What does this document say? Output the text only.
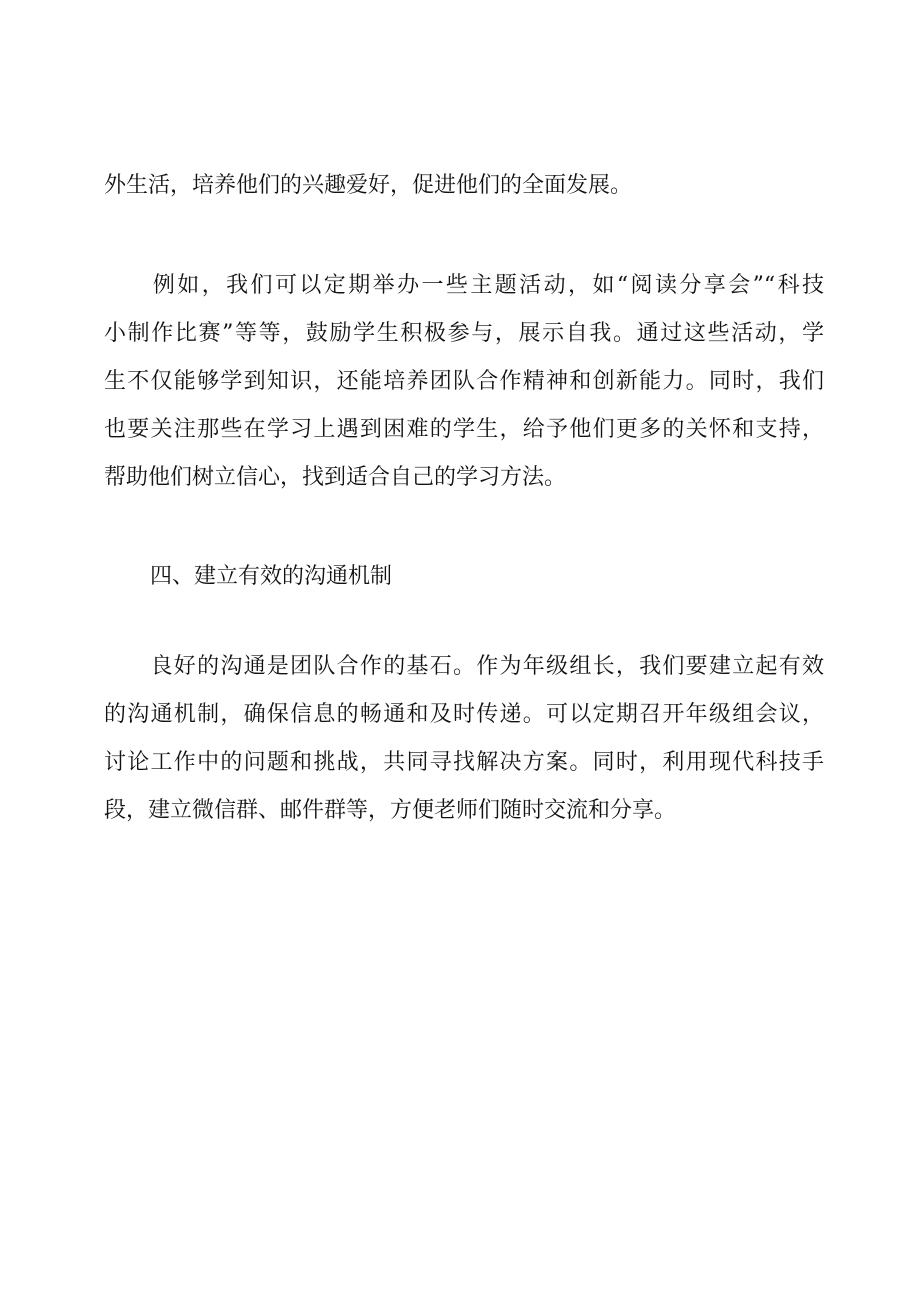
外生活，培养他们的兴趣爱好，促进他们的全面发展。
　　例如，我们可以定期举办一些主题活动，如“阅读分享会”“科技
小制作比赛”等等，鼓励学生积极参与，展示自我。通过这些活动，学
生不仅能够学到知识，还能培养团队合作精神和创新能力。同时，我们
也要关注那些在学习上遇到困难的学生，给予他们更多的关怀和支持，
帮助他们树立信心，找到适合自己的学习方法。
四、建立有效的沟通机制
　　良好的沟通是团队合作的基石。作为年级组长，我们要建立起有效
的沟通机制，确保信息的畅通和及时传递。可以定期召开年级组会议，
讨论工作中的问题和挑战，共同寻找解决方案。同时，利用现代科技手
段，建立微信群、邮件群等，方便老师们随时交流和分享。
